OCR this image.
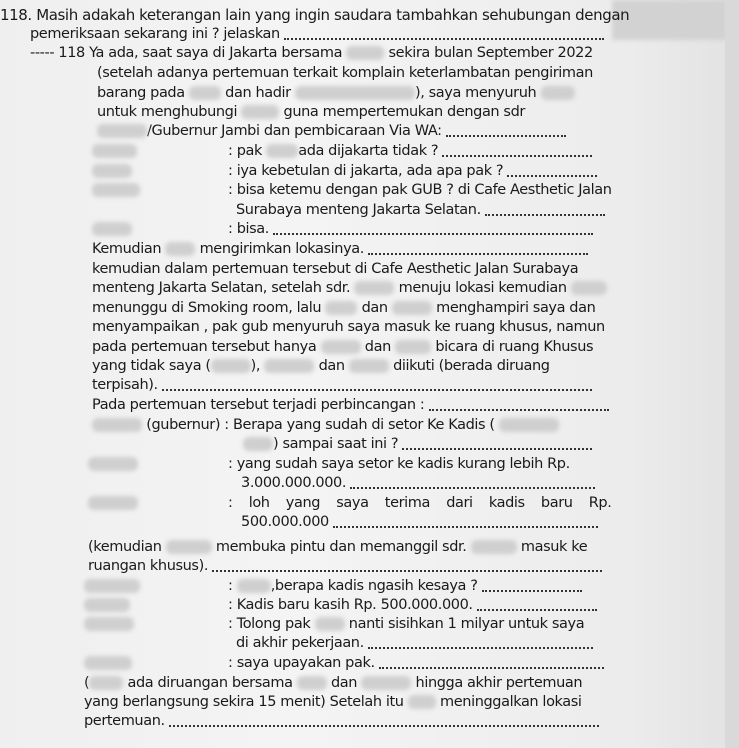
118. Masih adakah keterangan lain yang ingin saudara tambahkan sehubungan dengan
pemeriksaan sekarang ini ? jelaskan
----- 118 Ya ada, saat saya di Jakarta bersama	sekira bulan September 2022
(setelah adanya pertemuan terkait komplain keterlambatan pengiriman
barang pada	dan hadir	), saya menyuruh
untuk menghubungi	guna mempertemukan dengan sdr
/Gubernur Jambi dan pembicaraan Via WA:
: pak ada dijakarta tidak ?
: iya kebetulan di jakarta, ada apa pak ?
: bisa ketemu dengan pak GUB ? di Cafe Aesthetic Jalan
Surabaya menteng Jakarta Selatan.
: bisa.
Kemudian	mengirimkan lokasinya.
kemudian dalam pertemuan tersebut di Cafe Aesthetic Jalan Surabaya
menteng Jakarta Selatan, setelah sdr.	menuju lokasi kemudian
menunggu di Smoking room, lalu	dan	menghampiri saya dan
menyampaikan , pak gub menyuruh saya masuk ke ruang khusus, namun
pada pertemuan tersebut hanya	dan	bicara di ruang Khusus
yang tidak saya (	),	dan	diikuti (berada diruang
terpisah).
Pada pertemuan tersebut terjadi perbincangan :
(gubernur) : Berapa yang sudah di setor Ke Kadis (
) sampai saat ini ?
: yang sudah saya setor ke kadis kurang lebih Rp.
3.000.000.000.
: loh yang saya terima dari kadis baru Rp.
500.000.000
(kemudian	membuka pintu dan memanggil sdr.	masuk ke
ruangan khusus).
:	,berapa kadis ngasih kesaya ?
: Kadis baru kasih Rp. 500.000.000.
: Tolong pak	nanti sisihkan 1 milyar untuk saya
di akhir pekerjaan.
: saya upayakan pak.
(	ada diruangan bersama	dan	hingga akhir pertemuan
yang berlangsung sekira 15 menit) Setelah itu	meninggalkan lokasi
pertemuan.
